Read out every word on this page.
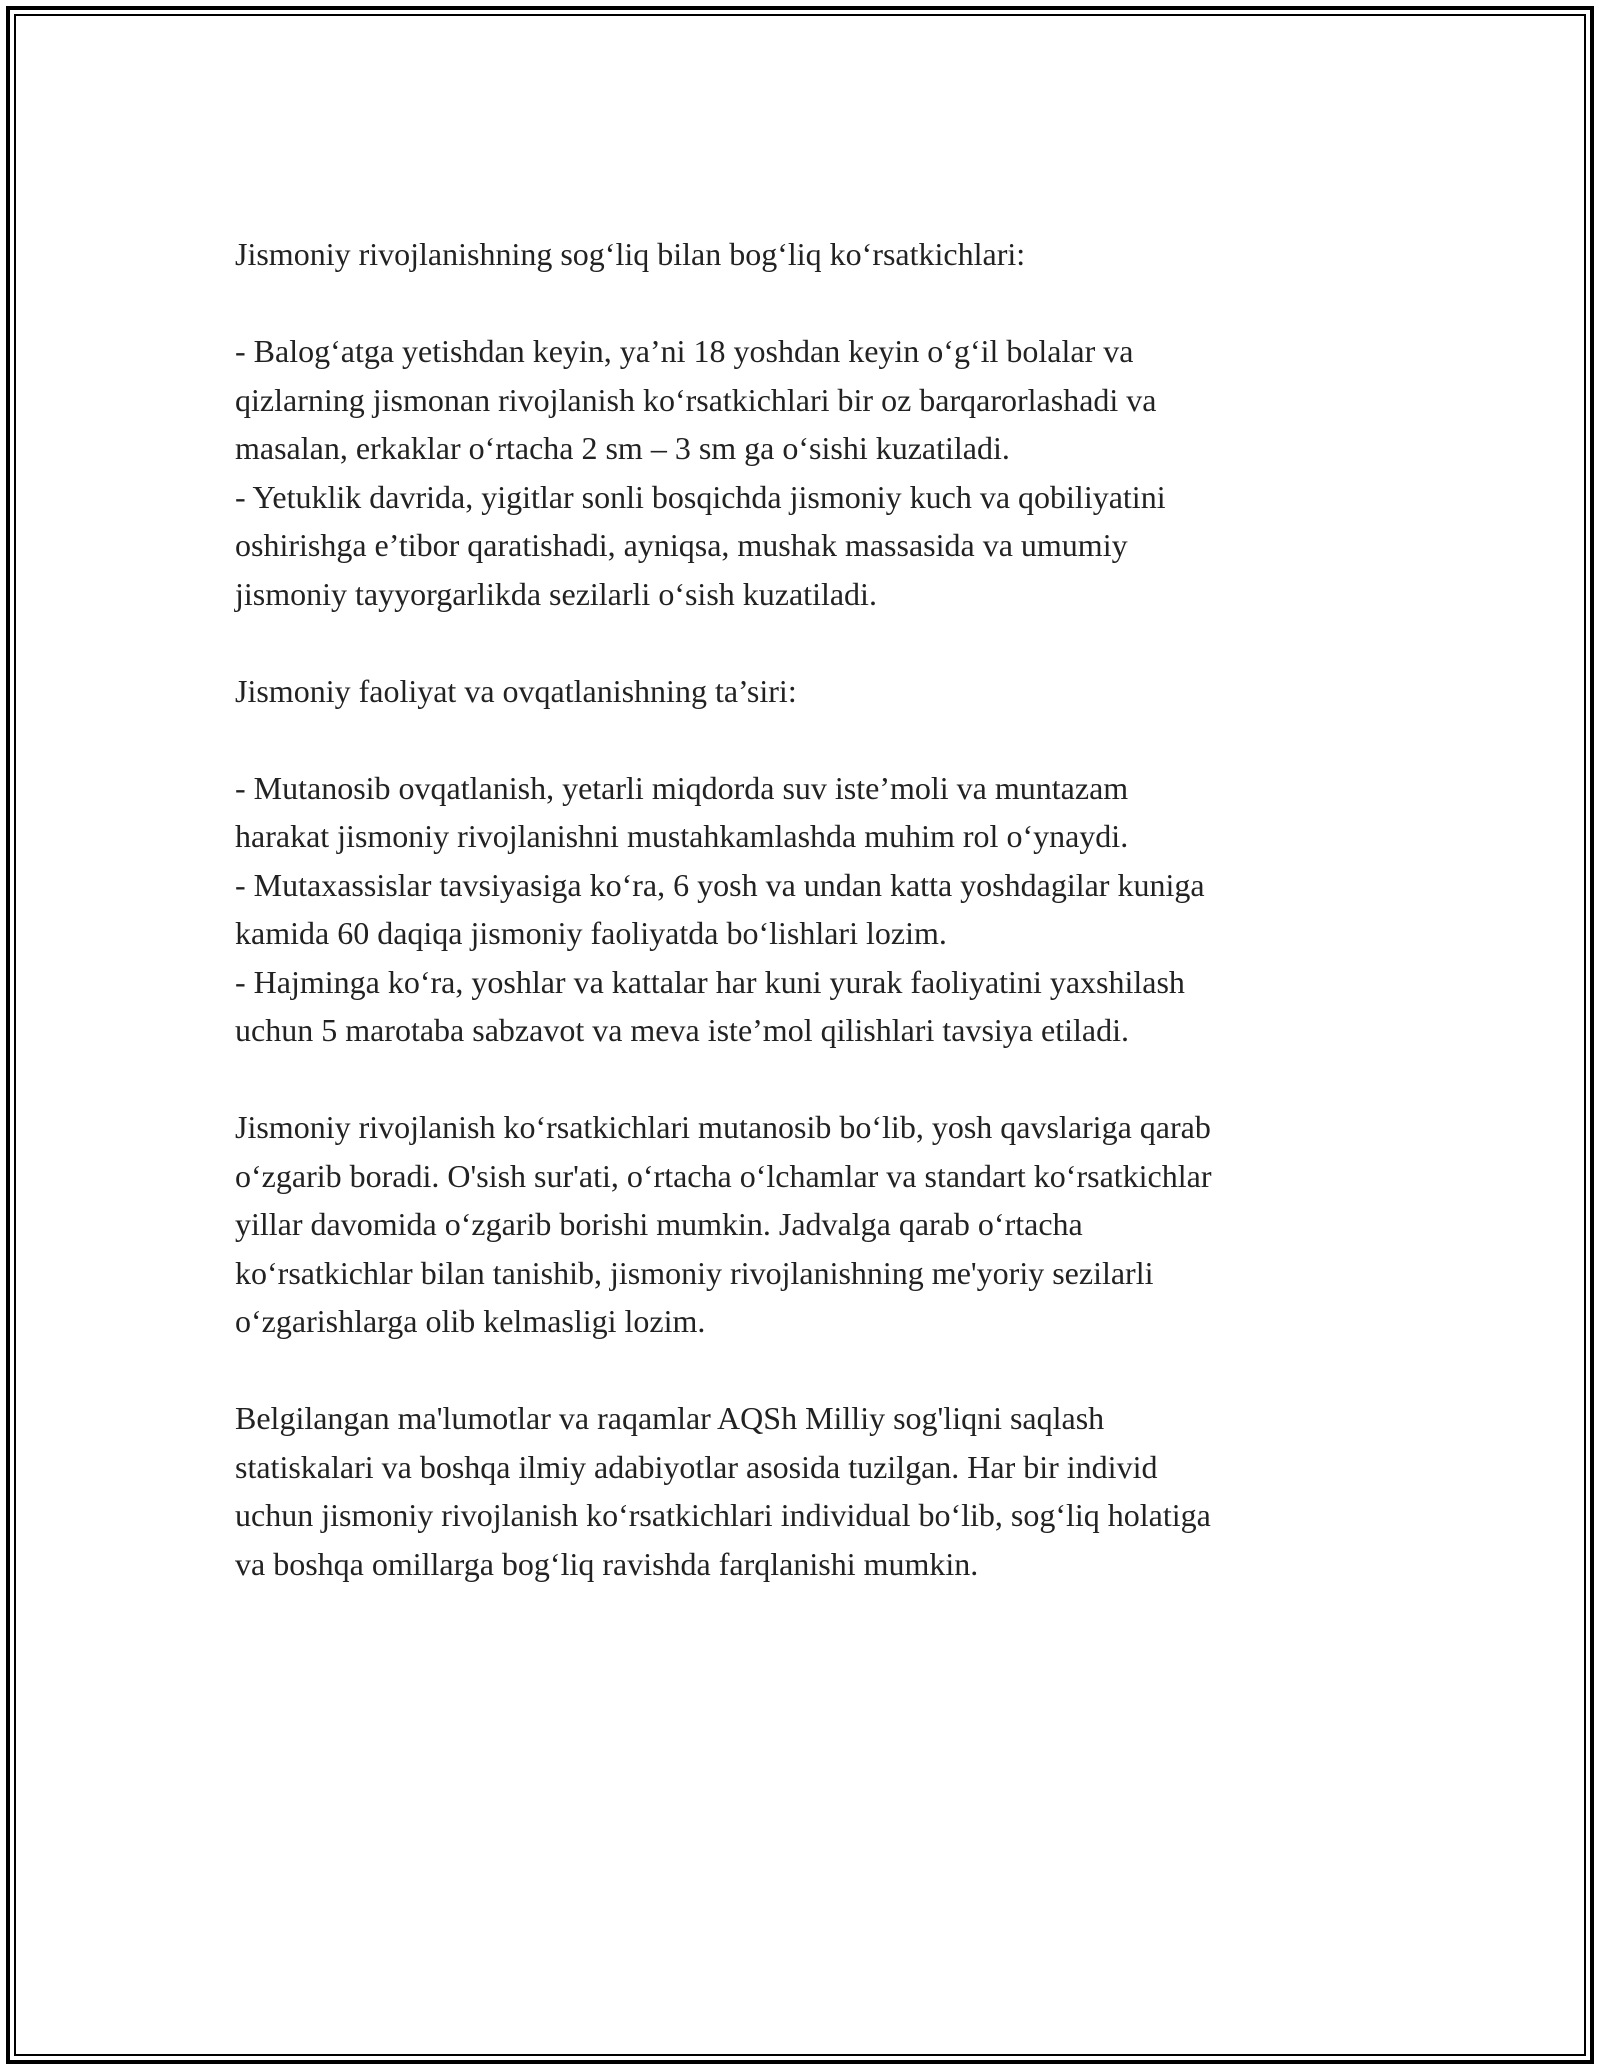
Jismoniy rivojlanishning sog‘liq bilan bog‘liq ko‘rsatkichlari:

- Balog‘atga yetishdan keyin, ya’ni 18 yoshdan keyin o‘g‘il bolalar va

qizlarning jismonan rivojlanish ko‘rsatkichlari bir oz barqarorlashadi va

masalan, erkaklar o‘rtacha 2 sm – 3 sm ga o‘sishi kuzatiladi.

- Yetuklik davrida, yigitlar sonli bosqichda jismoniy kuch va qobiliyatini

oshirishga e’tibor qaratishadi, ayniqsa, mushak massasida va umumiy

jismoniy tayyorgarlikda sezilarli o‘sish kuzatiladi.

Jismoniy faoliyat va ovqatlanishning ta’siri:

- Mutanosib ovqatlanish, yetarli miqdorda suv iste’moli va muntazam

harakat jismoniy rivojlanishni mustahkamlashda muhim rol o‘ynaydi.

- Mutaxassislar tavsiyasiga ko‘ra, 6 yosh va undan katta yoshdagilar kuniga

kamida 60 daqiqa jismoniy faoliyatda bo‘lishlari lozim.

- Hajminga ko‘ra, yoshlar va kattalar har kuni yurak faoliyatini yaxshilash

uchun 5 marotaba sabzavot va meva iste’mol qilishlari tavsiya etiladi.

Jismoniy rivojlanish ko‘rsatkichlari mutanosib bo‘lib, yosh qavslariga qarab

o‘zgarib boradi. O'sish sur'ati, o‘rtacha o‘lchamlar va standart ko‘rsatkichlar

yillar davomida o‘zgarib borishi mumkin. Jadvalga qarab o‘rtacha

ko‘rsatkichlar bilan tanishib, jismoniy rivojlanishning me'yoriy sezilarli

o‘zgarishlarga olib kelmasligi lozim.

Belgilangan ma'lumotlar va raqamlar AQSh Milliy sog'liqni saqlash

statiskalari va boshqa ilmiy adabiyotlar asosida tuzilgan. Har bir individ

uchun jismoniy rivojlanish ko‘rsatkichlari individual bo‘lib, sog‘liq holatiga

va boshqa omillarga bog‘liq ravishda farqlanishi mumkin.
